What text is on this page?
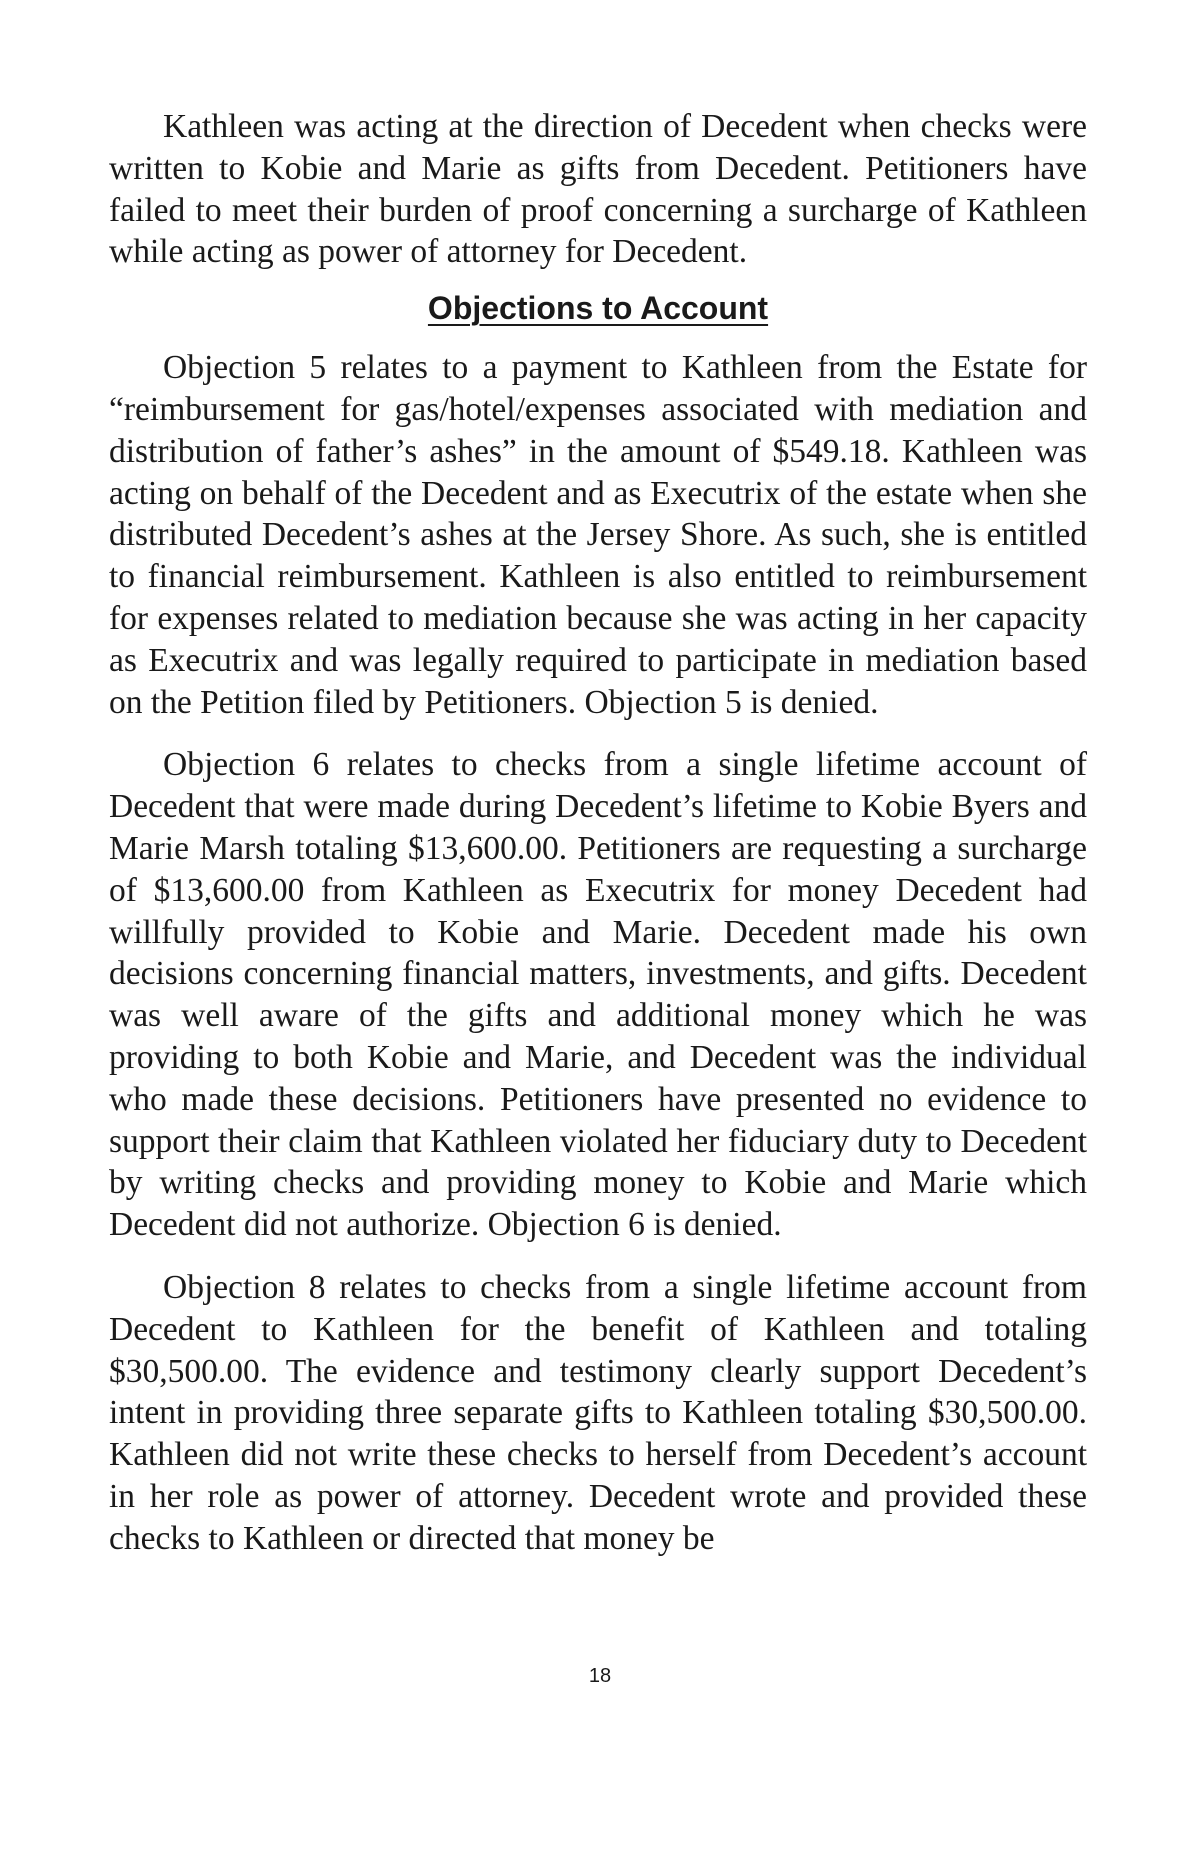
Kathleen was acting at the direction of Decedent when checks were written to Kobie and Marie as gifts from Decedent. Petitioners have failed to meet their burden of proof concerning a surcharge of Kathleen while acting as power of attorney for Decedent.

Objections to Account

Objection 5 relates to a payment to Kathleen from the Estate for “reimbursement for gas/hotel/expenses associated with mediation and distribution of father’s ashes” in the amount of $549.18. Kathleen was acting on behalf of the Decedent and as Executrix of the estate when she distributed Decedent’s ashes at the Jersey Shore. As such, she is entitled to financial reimbursement. Kathleen is also entitled to reimbursement for expenses related to mediation because she was acting in her capacity as Executrix and was legally required to participate in mediation based on the Petition filed by Petitioners. Objection 5 is denied.

Objection 6 relates to checks from a single lifetime account of Decedent that were made during Decedent’s lifetime to Kobie Byers and Marie Marsh totaling $13,600.00. Petitioners are requesting a surcharge of $13,600.00 from Kathleen as Executrix for money Decedent had willfully provided to Kobie and Marie. Decedent made his own decisions concerning financial matters, investments, and gifts. Decedent was well aware of the gifts and additional money which he was providing to both Kobie and Marie, and Decedent was the individual who made these decisions. Petitioners have presented no evidence to support their claim that Kathleen violated her fiduciary duty to Decedent by writing checks and providing money to Kobie and Marie which Decedent did not authorize. Objection 6 is denied.

Objection 8 relates to checks from a single lifetime account from Decedent to Kathleen for the benefit of Kathleen and totaling $30,500.00. The evidence and testimony clearly support Decedent’s intent in providing three separate gifts to Kathleen totaling $30,500.00. Kathleen did not write these checks to herself from Decedent’s account in her role as power of attorney. Decedent wrote and provided these checks to Kathleen or directed that money be

18
